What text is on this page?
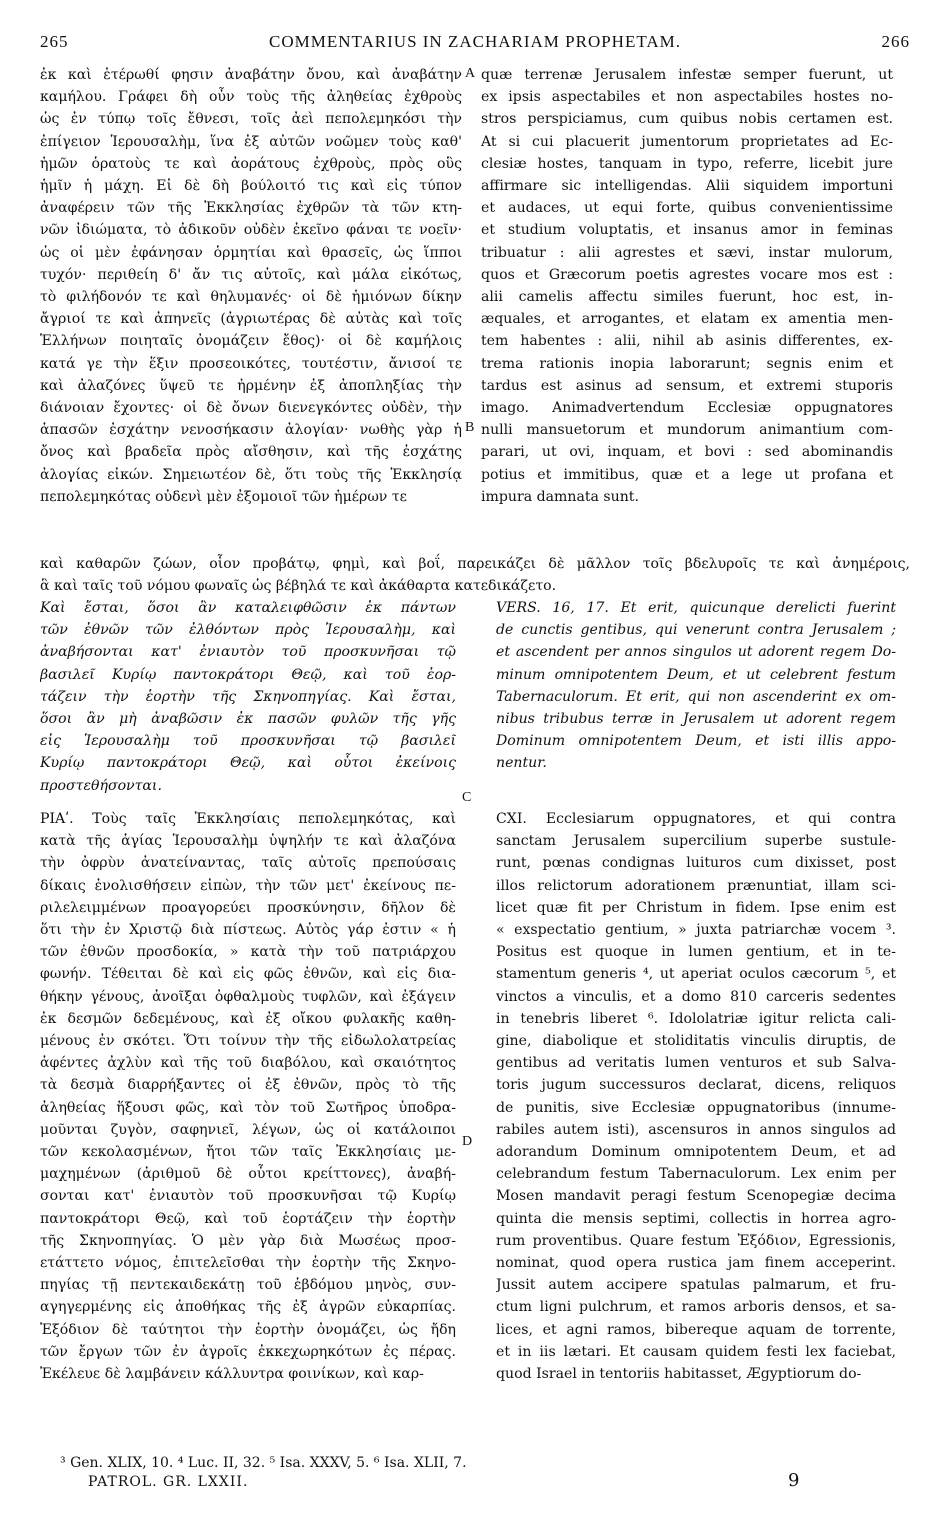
265	COMMENTARIUS IN ZACHARIAM PROPHETAM.	266
ἐκ καὶ ἑτέρωθί φησιν ἀναβάτην ὄνου, καὶ ἀναβάτην
καμήλου. Γράφει δὴ οὖν τοὺς τῆς ἀληθείας ἐχθροὺς
ὡς ἐν τύπῳ τοῖς ἔθνεσι, τοῖς ἀεὶ πεπολεμηκόσι τὴν
ἐπίγειον Ἱερουσαλὴμ, ἵνα ἐξ αὐτῶν νοῶμεν τοὺς καθ'
ἡμῶν ὁρατοὺς τε καὶ ἀοράτους ἐχθροὺς, πρὸς οὓς
ἡμῖν ἡ μάχη. Εἰ δὲ δὴ βούλοιτό τις καὶ εἰς τύπον
ἀναφέρειν τῶν τῆς Ἐκκλησίας ἐχθρῶν τὰ τῶν κτη-
νῶν ἰδιώματα, τὸ ἀδικοῦν οὐδὲν ἐκεῖνο φάναι τε νοεῖν·
ὡς οἱ μὲν ἐφάνησαν ὁρμητίαι καὶ θρασεῖς, ὡς ἵπποι
τυχόν· περιθείη δ' ἄν τις αὐτοῖς, καὶ μάλα εἰκότως,
τὸ φιλήδονόν τε καὶ θηλυμανές· οἱ δὲ ἡμιόνων δίκην
ἄγριοί τε καὶ ἀπηνεῖς (ἀγριωτέρας δὲ αὐτὰς καὶ τοῖς
Ἑλλήνων ποιηταῖς ὀνομάζειν ἔθος)· οἱ δὲ καμήλοις
κατά γε τὴν ἕξιν προσεοικότες, τουτέστιν, ἄνισοί τε
καὶ ἀλαζόνες ὕψεῦ τε ἠρμένην ἐξ ἀποπληξίας τὴν
διάνοιαν ἔχοντες· οἱ δὲ ὄνων διενεγκόντες οὐδὲν, τὴν
ἁπασῶν ἐσχάτην νενοσήκασιν ἀλογίαν· νωθὴς γὰρ ἡ
ὄνος καὶ βραδεῖα πρὸς αἴσθησιν, καὶ τῆς ἐσχάτης
ἀλογίας εἰκών. Σημειωτέον δὲ, ὅτι τοὺς τῆς Ἐκκλησίᾳ
πεπολεμηκότας οὐδενὶ μὲν ἐξομοιοῖ τῶν ἡμέρων τε
quæ terrenæ Jerusalem infestæ semper fuerunt, ut
ex ipsis aspectabiles et non aspectabiles hostes no-
stros perspiciamus, cum quibus nobis certamen est.
At si cui placuerit jumentorum proprietates ad Ec-
clesiæ hostes, tanquam in typo, referre, licebit jure
affirmare sic intelligendas. Alii siquidem importuni
et audaces, ut equi forte, quibus convenientissime
et studium voluptatis, et insanus amor in feminas
tribuatur : alii agrestes et sævi, instar mulorum,
quos et Græcorum poetis agrestes vocare mos est :
alii camelis affectu similes fuerunt, hoc est, in-
æquales, et arrogantes, et elatam ex amentia men-
tem habentes : alii, nihil ab asinis differentes, ex-
trema rationis inopia laborarunt; segnis enim et
tardus est asinus ad sensum, et extremi stuporis
imago. Animadvertendum Ecclesiæ oppugnatores
nulli mansuetorum et mundorum animantium com-
parari, ut ovi, inquam, et bovi : sed abominandis
potius et immitibus, quæ et a lege ut profana et
impura damnata sunt.
A
B
καὶ καθαρῶν ζώων, οἷον προβάτῳ, φημὶ, καὶ βοΐ, παρεικάζει δὲ μᾶλλον τοῖς βδελυροῖς τε καὶ ἀνημέροις,
ἃ καὶ ταῖς τοῦ νόμου φωναῖς ὡς βέβηλά τε καὶ ἀκάθαρτα κατεδικάζετο.
Καὶ ἔσται, ὅσοι ἂν καταλειφθῶσιν ἐκ πάντων
τῶν ἐθνῶν τῶν ἐλθόντων πρὸς Ἱερουσαλὴμ, καὶ
ἀναβήσονται κατ' ἐνιαυτὸν τοῦ προσκυνῆσαι τῷ
βασιλεῖ Κυρίῳ παντοκράτορι Θεῷ, καὶ τοῦ ἑορ-
τάζειν τὴν ἑορτὴν τῆς Σκηνοπηγίας. Καὶ ἔσται,
ὅσοι ἂν μὴ ἀναβῶσιν ἐκ πασῶν φυλῶν τῆς γῆς
εἰς Ἱερουσαλὴμ τοῦ προσκυνῆσαι τῷ βασιλεῖ
Κυρίῳ παντοκράτορι Θεῷ, καὶ οὗτοι ἐκείνοις
προστεθήσονται.
VERS. 16, 17. Et erit, quicunque derelicti fuerint
de cunctis gentibus, qui venerunt contra Jerusalem ;
et ascendent per annos singulos ut adorent regem Do-
minum omnipotentem Deum, et ut celebrent festum
Tabernaculorum. Et erit, qui non ascenderint ex om-
nibus tribubus terræ in Jerusalem ut adorent regem
Dominum omnipotentem Deum, et isti illis appo-
nentur.
C
ΡΙΑʹ. Τοὺς ταῖς Ἐκκλησίαις πεπολεμηκότας, καὶ
κατὰ τῆς ἁγίας Ἱερουσαλὴμ ὑψηλήν τε καὶ ἀλαζόνα
τὴν ὀφρὺν ἀνατείναντας, ταῖς αὐτοῖς πρεπούσαις
δίκαις ἐνολισθήσειν εἰπὼν, τὴν τῶν μετ' ἐκείνους πε-
ριλελειμμένων προαγορεύει προσκύνησιν, δῆλον δὲ
ὅτι τὴν ἐν Χριστῷ διὰ πίστεως. Αὐτὸς γάρ ἐστιν « ἡ
τῶν ἐθνῶν προσδοκία, » κατὰ τὴν τοῦ πατριάρχου
φωνήν. Τέθειται δὲ καὶ εἰς φῶς ἐθνῶν, καὶ εἰς δια-
θήκην γένους, ἀνοῖξαι ὀφθαλμοὺς τυφλῶν, καὶ ἐξάγειν
ἐκ δεσμῶν δεδεμένους, καὶ ἐξ οἴκου φυλακῆς καθη-
μένους ἐν σκότει. Ὅτι τοίνυν τὴν τῆς εἰδωλολατρείας
ἀφέντες ἀχλὺν καὶ τῆς τοῦ διαβόλου, καὶ σκαιότητος
τὰ δεσμὰ διαρρήξαντες οἱ ἐξ ἐθνῶν, πρὸς τὸ τῆς
ἀληθείας ἥξουσι φῶς, καὶ τὸν τοῦ Σωτῆρος ὑποδρα-
μοῦνται ζυγὸν, σαφηνιεῖ, λέγων, ὡς οἱ κατάλοιποι
τῶν κεκολασμένων, ἤτοι τῶν ταῖς Ἐκκλησίαις με-
μαχημένων (ἀριθμοῦ δὲ οὗτοι κρείττονες), ἀναβή-
σονται κατ' ἐνιαυτὸν τοῦ προσκυνῆσαι τῷ Κυρίῳ
παντοκράτορι Θεῷ, καὶ τοῦ ἑορτάζειν τὴν ἑορτὴν
τῆς Σκηνοπηγίας. Ὁ μὲν γὰρ διὰ Μωσέως προσ-
ετάττετο νόμος, ἐπιτελεῖσθαι τὴν ἑορτὴν τῆς Σκηνο-
πηγίας τῇ πεντεκαιδεκάτῃ τοῦ ἑβδόμου μηνὸς, συν-
αγηγερμένης εἰς ἀποθήκας τῆς ἐξ ἀγρῶν εὐκαρπίας.
Ἐξόδιον δὲ ταύτητοι τὴν ἑορτὴν ὀνομάζει, ὡς ἤδη
τῶν ἔργων τῶν ἐν ἀγροῖς ἐκκεχωρηκότων ἐς πέρας.
Ἐκέλευε δὲ λαμβάνειν κάλλυντρα φοινίκων, καὶ καρ-
CXI. Ecclesiarum oppugnatores, et qui contra
sanctam Jerusalem supercilium superbe sustule-
runt, pœnas condignas luituros cum dixisset, post
illos relictorum adorationem prænuntiat, illam sci-
licet quæ fit per Christum in fidem. Ipse enim est
« exspectatio gentium, » juxta patriarchæ vocem ³.
Positus est quoque in lumen gentium, et in te-
stamentum generis ⁴, ut aperiat oculos cæcorum ⁵, et
vinctos a vinculis, et a domo 810 carceris sedentes
in tenebris liberet ⁶. Idololatriæ igitur relicta cali-
gine, diabolique et stoliditatis vinculis diruptis, de
gentibus ad veritatis lumen venturos et sub Salva-
toris jugum successuros declarat, dicens, reliquos
de punitis, sive Ecclesiæ oppugnatoribus (innume-
rabiles autem isti), ascensuros in annos singulos ad
adorandum Dominum omnipotentem Deum, et ad
celebrandum festum Tabernaculorum. Lex enim per
Mosen mandavit peragi festum Scenopegiæ decima
quinta die mensis septimi, collectis in horrea agro-
rum proventibus. Quare festum Ἐξόδιον, Egressionis,
nominat, quod opera rustica jam finem acceperint.
Jussit autem accipere spatulas palmarum, et fru-
ctum ligni pulchrum, et ramos arboris densos, et sa-
lices, et agni ramos, bibereque aquam de torrente,
et in iis lætari. Et causam quidem festi lex faciebat,
quod Israel in tentoriis habitasset, Ægyptiorum do-
D
³ Gen. XLIX, 10. ⁴ Luc. II, 32. ⁵ Isa. XXXV, 5. ⁶ Isa. XLII, 7.
PATROL. GR. LXXII.	9
